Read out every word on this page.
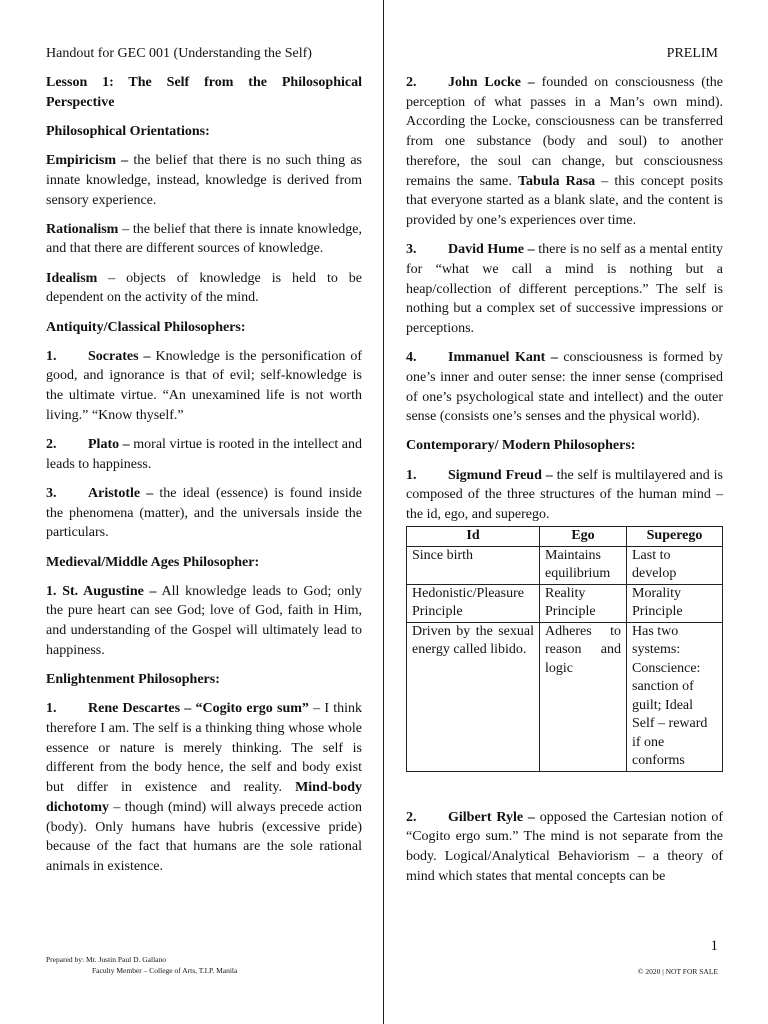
Handout for GEC 001 (Understanding the Self)	PRELIM

Lesson 1: The Self from the Philosophical Perspective

Philosophical Orientations:

Empiricism – the belief that there is no such thing as innate knowledge, instead, knowledge is derived from sensory experience.

Rationalism – the belief that there is innate knowledge, and that there are different sources of knowledge.

Idealism – objects of knowledge is held to be dependent on the activity of the mind.

Antiquity/Classical Philosophers:

1. Socrates – Knowledge is the personification of good, and ignorance is that of evil; self-knowledge is the ultimate virtue. “An unexamined life is not worth living.” “Know thyself.”

2. Plato – moral virtue is rooted in the intellect and leads to happiness.

3. Aristotle – the ideal (essence) is found inside the phenomena (matter), and the universals inside the particulars.

Medieval/Middle Ages Philosopher:

1. St. Augustine – All knowledge leads to God; only the pure heart can see God; love of God, faith in Him, and understanding of the Gospel will ultimately lead to happiness.

Enlightenment Philosophers:

1. Rene Descartes – “Cogito ergo sum” – I think therefore I am. The self is a thinking thing whose whole essence or nature is merely thinking. The self is different from the body hence, the self and body exist but differ in existence and reality. Mind-body dichotomy – though (mind) will always precede action (body). Only humans have hubris (excessive pride) because of the fact that humans are the sole rational animals in existence.

2. John Locke – founded on consciousness (the perception of what passes in a Man’s own mind). According the Locke, consciousness can be transferred from one substance (body and soul) to another therefore, the soul can change, but consciousness remains the same. Tabula Rasa – this concept posits that everyone started as a blank slate, and the content is provided by one’s experiences over time.

3. David Hume – there is no self as a mental entity for “what we call a mind is nothing but a heap/collection of different perceptions.” The self is nothing but a complex set of successive impressions or perceptions.

4. Immanuel Kant – consciousness is formed by one’s inner and outer sense: the inner sense (comprised of one’s psychological state and intellect) and the outer sense (consists one’s senses and the physical world).

Contemporary/ Modern Philosophers:

1. Sigmund Freud – the self is multilayered and is composed of the three structures of the human mind – the id, ego, and superego.

Id	Ego	Superego
Since birth	Maintains equilibrium	Last to develop
Hedonistic/Pleasure Principle	Reality Principle	Morality Principle
Driven by the sexual energy called libido.	Adheres to reason and logic	Has two systems: Conscience: sanction of guilt; Ideal Self – reward if one conforms

2. Gilbert Ryle – opposed the Cartesian notion of “Cogito ergo sum.” The mind is not separate from the body. Logical/Analytical Behaviorism – a theory of mind which states that mental concepts can be

1
Prepared by: Mr. Justin Paul D. Gallano
Faculty Member – College of Arts, T.I.P. Manila	© 2020 | NOT FOR SALE
